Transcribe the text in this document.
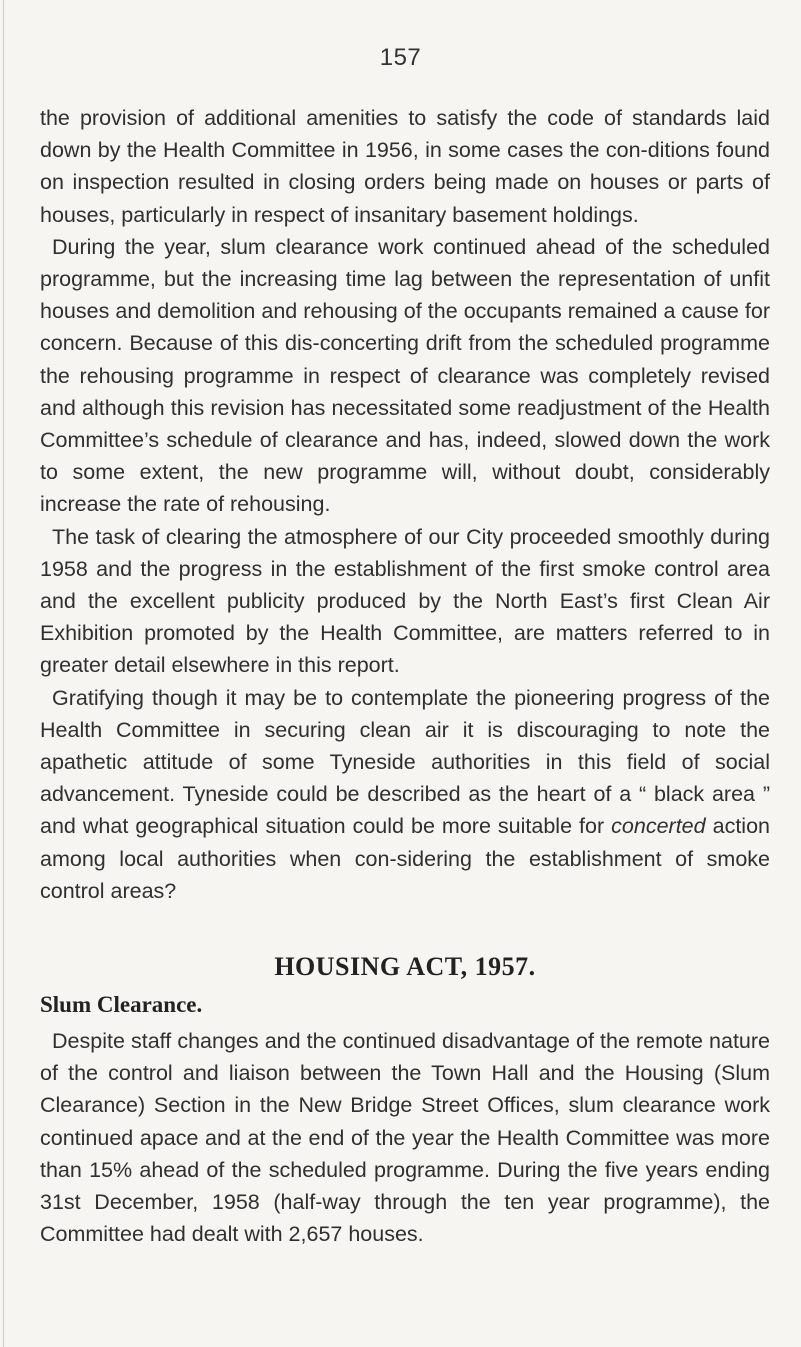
157

the provision of additional amenities to satisfy the code of standards laid down by the Health Committee in 1956, in some cases the con-ditions found on inspection resulted in closing orders being made on houses or parts of houses, particularly in respect of insanitary basement holdings.

During the year, slum clearance work continued ahead of the scheduled programme, but the increasing time lag between the representation of unfit houses and demolition and rehousing of the occupants remained a cause for concern. Because of this dis-concerting drift from the scheduled programme the rehousing programme in respect of clearance was completely revised and although this revision has necessitated some readjustment of the Health Committee’s schedule of clearance and has, indeed, slowed down the work to some extent, the new programme will, without doubt, considerably increase the rate of rehousing.

The task of clearing the atmosphere of our City proceeded smoothly during 1958 and the progress in the establishment of the first smoke control area and the excellent publicity produced by the North East’s first Clean Air Exhibition promoted by the Health Committee, are matters referred to in greater detail elsewhere in this report.

Gratifying though it may be to contemplate the pioneering progress of the Health Committee in securing clean air it is discouraging to note the apathetic attitude of some Tyneside authorities in this field of social advancement. Tyneside could be described as the heart of a “ black area ” and what geographical situation could be more suitable for concerted action among local authorities when con-sidering the establishment of smoke control areas?

HOUSING ACT, 1957.
Slum Clearance.

Despite staff changes and the continued disadvantage of the remote nature of the control and liaison between the Town Hall and the Housing (Slum Clearance) Section in the New Bridge Street Offices, slum clearance work continued apace and at the end of the year the Health Committee was more than 15% ahead of the scheduled programme. During the five years ending 31st December, 1958 (half-way through the ten year programme), the Committee had dealt with 2,657 houses.
